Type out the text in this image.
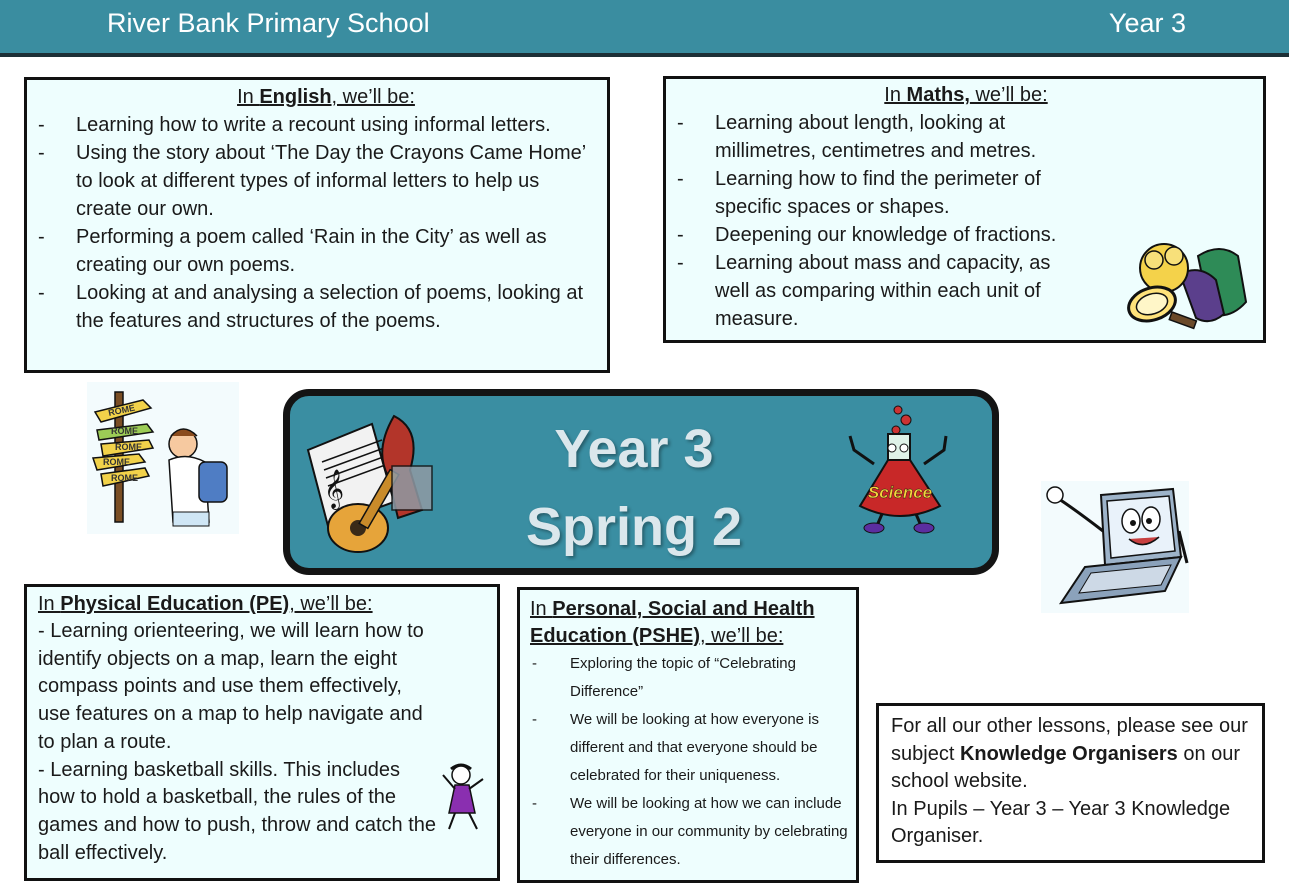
River Bank Primary School	Year 3
In English, we’ll be:
- Learning how to write a recount using informal letters.
- Using the story about ‘The Day the Crayons Came Home’ to look at different types of informal letters to help us create our own.
- Performing a poem called ‘Rain in the City’ as well as creating our own poems.
- Looking at and analysing a selection of poems, looking at the features and structures of the poems.
In Maths, we’ll be:
- Learning about length, looking at millimetres, centimetres and metres.
- Learning how to find the perimeter of specific spaces or shapes.
- Deepening our knowledge of fractions.
- Learning about mass and capacity, as well as comparing within each unit of measure.
ROME
ROME
ROME
ROME
ROME	𝄞
Year 3
Spring 2
Science
In Physical Education (PE), we’ll be:

- Learning orienteering, we will learn how to identify objects on a map, learn the eight compass points and use them effectively, use features on a map to help navigate and to plan a route.

- Learning basketball skills. This includes how to hold a basketball, the rules of the games and how to push, throw and catch the ball effectively.

In Personal, Social and Health Education (PSHE), we’ll be:
- Exploring the topic of “Celebrating Difference”
- We will be looking at how everyone is different and that everyone should be celebrated for their uniqueness.
- We will be looking at how we can include everyone in our community by celebrating their differences.

For all our other lessons, please see our subject Knowledge Organisers on our school website.

In Pupils – Year 3 – Year 3 Knowledge Organiser.
